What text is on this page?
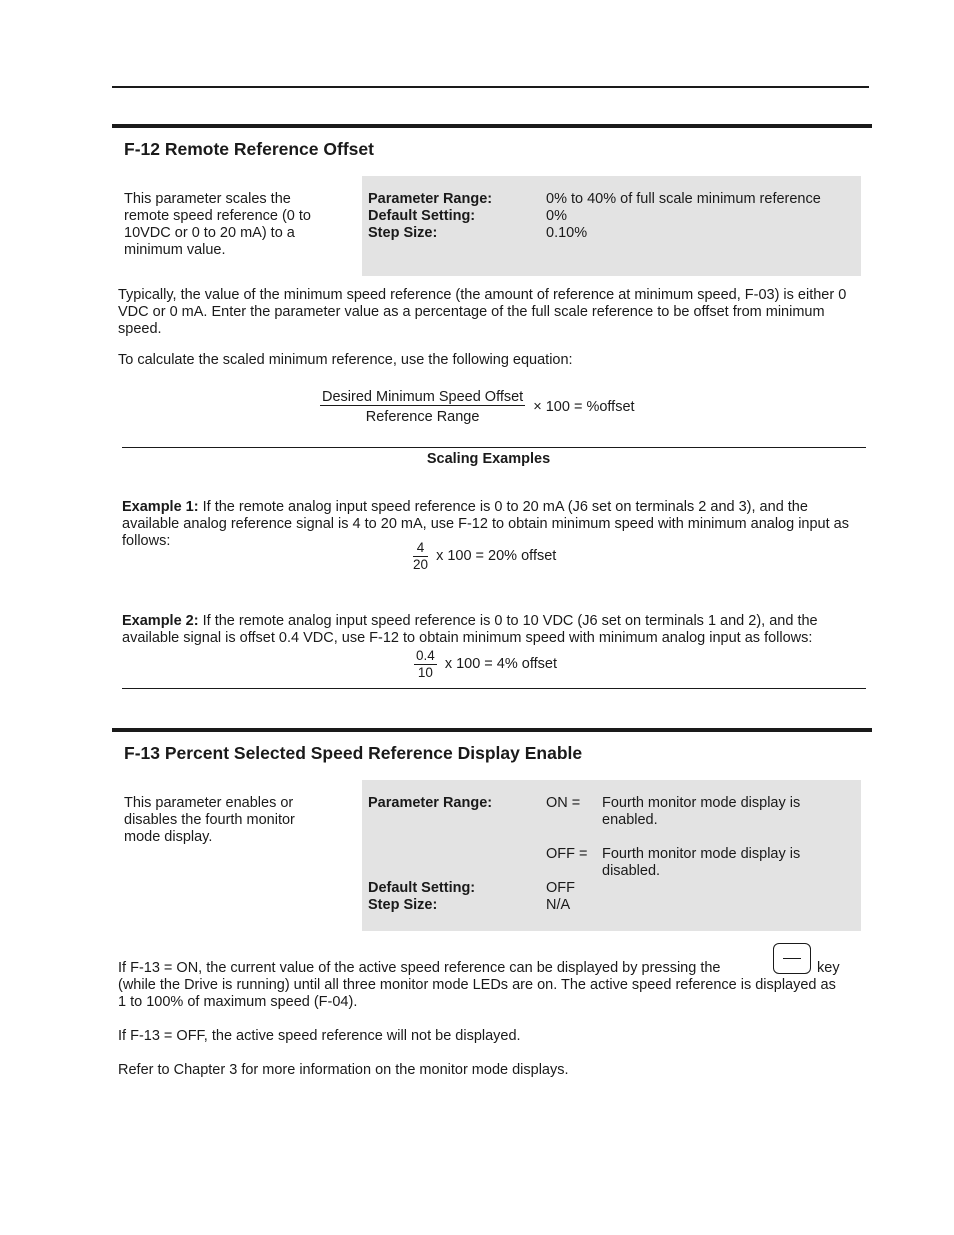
F-12 Remote Reference Offset
This parameter scales the remote speed reference (0 to 10VDC or 0 to 20 mA) to a minimum value.
Parameter Range:	0% to 40% of full scale minimum reference
Default Setting:	0%
Step Size:	0.10%
Typically, the value of the minimum speed reference (the amount of reference at minimum speed, F-03) is either 0 VDC or 0 mA. Enter the parameter value as a percentage of the full scale reference to be offset from minimum speed.
To calculate the scaled minimum reference, use the following equation:
$\frac{\text{Desired Minimum Speed Offset}}{\text{Reference Range}} \times 100$ = %offset
Scaling Examples
Example 1: If the remote analog input speed reference is 0 to 20 mA (J6 set on terminals 2 and 3), and the available analog reference signal is 4 to 20 mA, use F-12 to obtain minimum speed with minimum analog input as follows:	$\frac{4}{20}$ x 100 = 20% offset
Example 2: If the remote analog input speed reference is 0 to 10 VDC (J6 set on terminals 1 and 2), and the available signal is offset 0.4 VDC, use F-12 to obtain minimum speed with minimum analog input as follows:
$\frac{0.4}{10}$ x 100 = 4% offset
F-13 Percent Selected Speed Reference Display Enable
This parameter enables or disables the fourth monitor mode display.
Parameter Range:	ON = Fourth monitor mode display is enabled.
OFF = Fourth monitor mode display is disabled.
Default Setting:	OFF
Step Size:	N/A
If F-13 = ON, the current value of the active speed reference can be displayed by pressing the	key
(while the Drive is running) until all three monitor mode LEDs are on. The active speed reference is displayed as 1 to 100% of maximum speed (F-04).
If F-13 = OFF, the active speed reference will not be displayed.
Refer to Chapter 3 for more information on the monitor mode displays.
